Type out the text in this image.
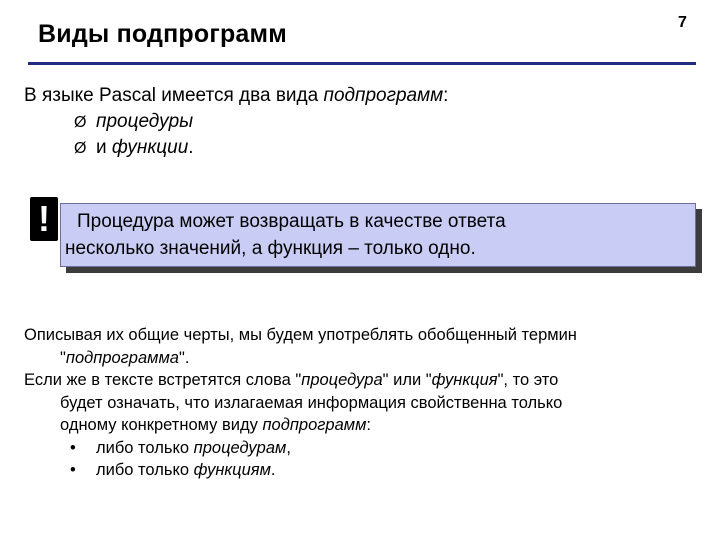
Виды подпрограмм	7
В языке Pascal имеется два вида подпрограмм:
Ø процедуры
Ø и функции.
Процедура может возвращать в качестве ответа
несколько значений, а функция – только одно.
!

Описывая их общие черты, мы будем употреблять обобщенный термин
"подпрограмма".

Если же в тексте встретятся слова "процедура" или "функция", то это
будет означать, что излагаемая информация свойственна только
одному конкретному виду подпрограмм:

• либо только процедурам,
• либо только функциям.
